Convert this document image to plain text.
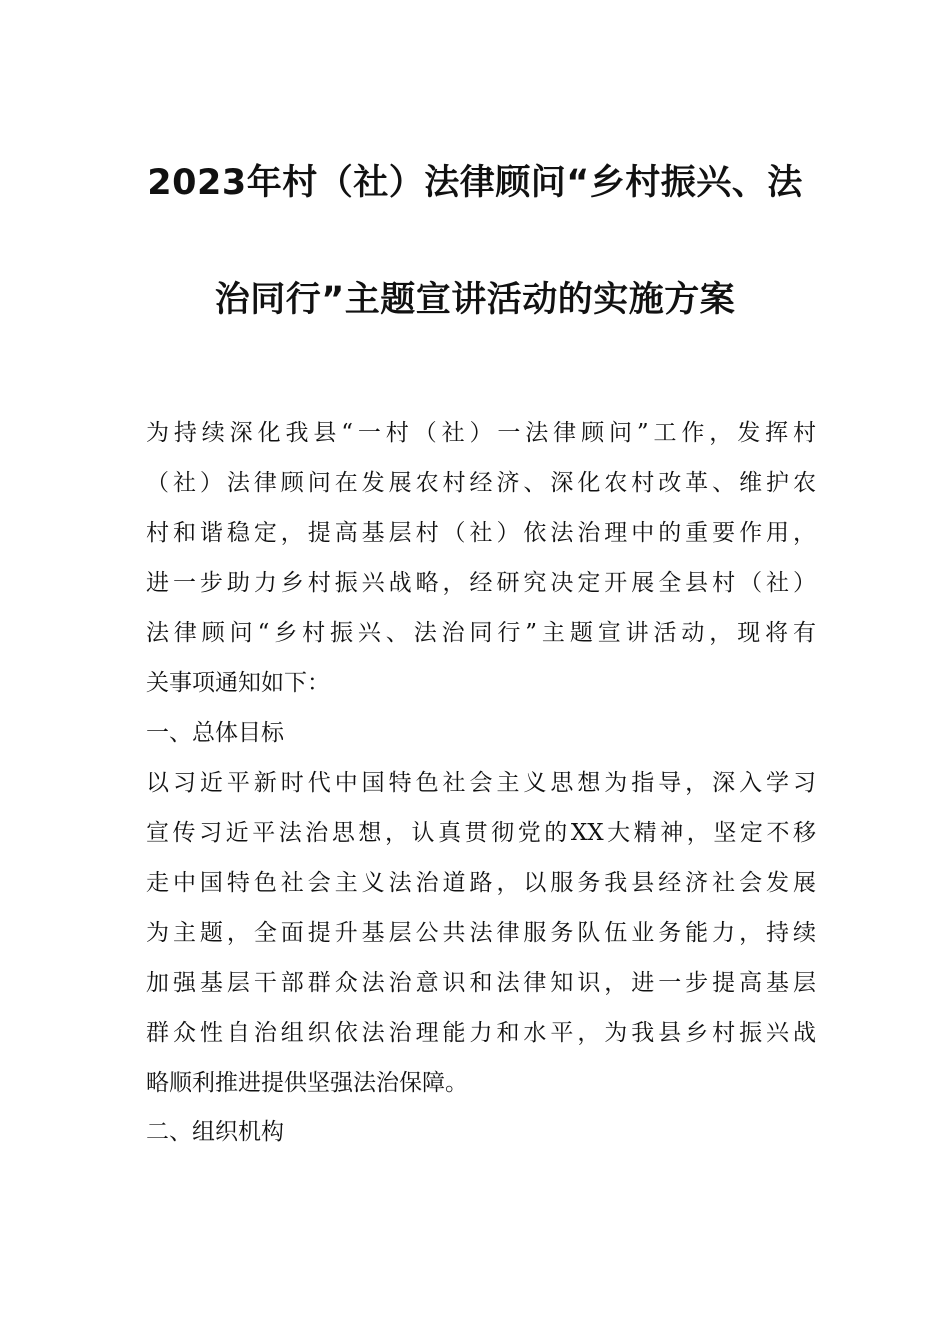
2023年村（社）法律顾问“乡村振兴、法
治同行”主题宣讲活动的实施方案
为持续深化我县“一村（社）一法律顾问”工作，发挥村
（社）法律顾问在发展农村经济、深化农村改革、维护农
村和谐稳定，提高基层村（社）依法治理中的重要作用，
进一步助力乡村振兴战略，经研究决定开展全县村（社）
法律顾问“乡村振兴、法治同行”主题宣讲活动，现将有
关事项通知如下：
一、总体目标
以习近平新时代中国特色社会主义思想为指导，深入学习
宣传习近平法治思想，认真贯彻党的XX大精神，坚定不移
走中国特色社会主义法治道路，以服务我县经济社会发展
为主题，全面提升基层公共法律服务队伍业务能力，持续
加强基层干部群众法治意识和法律知识，进一步提高基层
群众性自治组织依法治理能力和水平，为我县乡村振兴战
略顺利推进提供坚强法治保障。
二、组织机构
